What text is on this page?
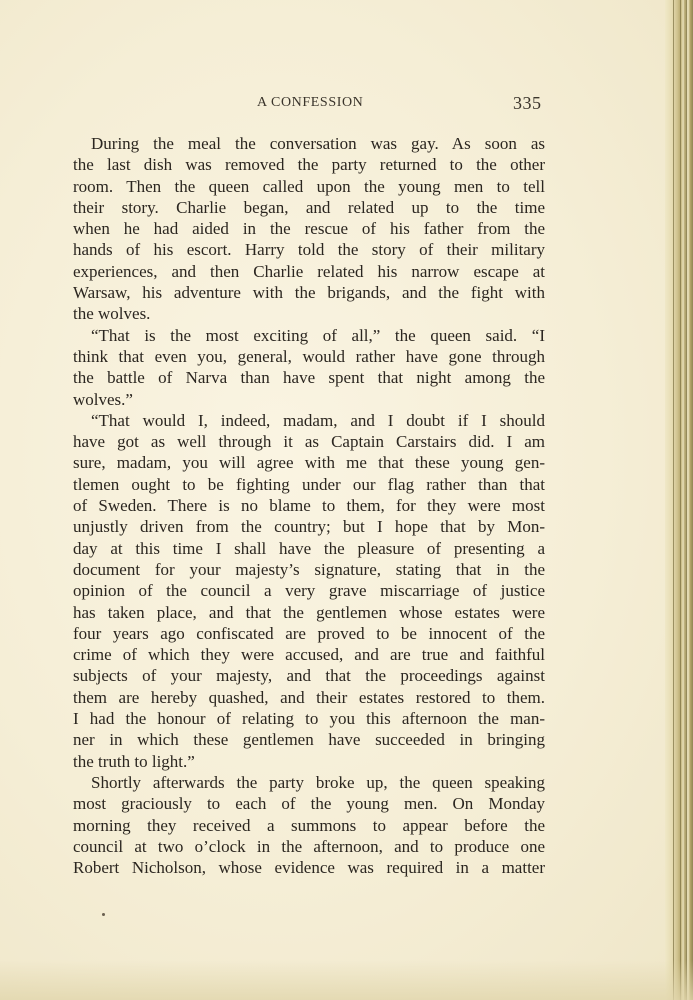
A CONFESSION	335
During the meal the conversation was gay. As soon as
the last dish was removed the party returned to the other
room. Then the queen called upon the young men to tell
their story. Charlie began, and related up to the time
when he had aided in the rescue of his father from the
hands of his escort. Harry told the story of their military
experiences, and then Charlie related his narrow escape at
Warsaw, his adventure with the brigands, and the fight with
the wolves.
“That is the most exciting of all,” the queen said. “I
think that even you, general, would rather have gone through
the battle of Narva than have spent that night among the
wolves.”
“That would I, indeed, madam, and I doubt if I should
have got as well through it as Captain Carstairs did. I am
sure, madam, you will agree with me that these young gen-
tlemen ought to be fighting under our flag rather than that
of Sweden. There is no blame to them, for they were most
unjustly driven from the country; but I hope that by Mon-
day at this time I shall have the pleasure of presenting a
document for your majesty’s signature, stating that in the
opinion of the council a very grave miscarriage of justice
has taken place, and that the gentlemen whose estates were
four years ago confiscated are proved to be innocent of the
crime of which they were accused, and are true and faithful
subjects of your majesty, and that the proceedings against
them are hereby quashed, and their estates restored to them.
I had the honour of relating to you this afternoon the man-
ner in which these gentlemen have succeeded in bringing
the truth to light.”
Shortly afterwards the party broke up, the queen speaking
most graciously to each of the young men. On Monday
morning they received a summons to appear before the
council at two o’clock in the afternoon, and to produce one
Robert Nicholson, whose evidence was required in a matter
